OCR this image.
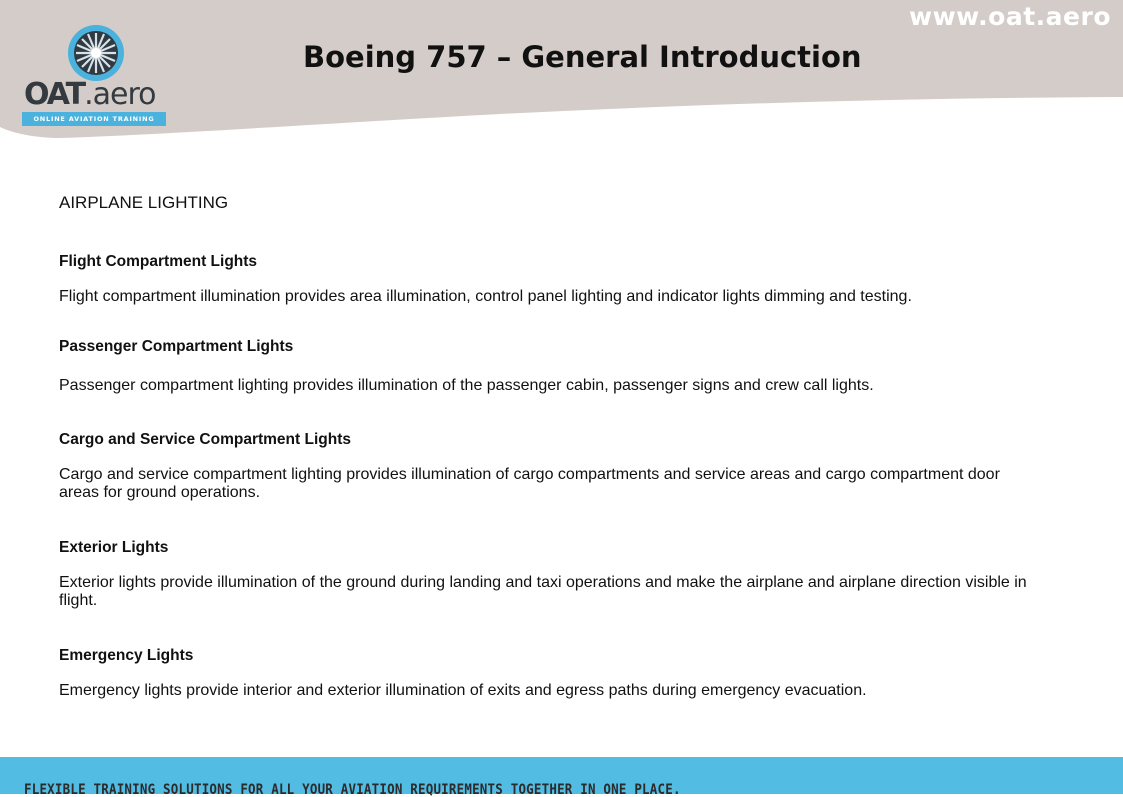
www.oat.aero
Boeing 757 – General Introduction
OAT.aero
ONLINE AVIATION TRAINING
AIRPLANE LIGHTING
Flight Compartment Lights

Flight compartment illumination provides area illumination, control panel lighting and indicator lights dimming and testing.

Passenger Compartment Lights

Passenger compartment lighting provides illumination of the passenger cabin, passenger signs and crew call lights.

Cargo and Service Compartment Lights

Cargo and service compartment lighting provides illumination of cargo compartments and service areas and cargo compartment door areas for ground operations.

Exterior Lights

Exterior lights provide illumination of the ground during landing and taxi operations and make the airplane and airplane direction visible in flight.

Emergency Lights

Emergency lights provide interior and exterior illumination of exits and egress paths during emergency evacuation.

FLEXIBLE TRAINING SOLUTIONS FOR ALL YOUR AVIATION REQUIREMENTS TOGETHER IN ONE PLACE.
